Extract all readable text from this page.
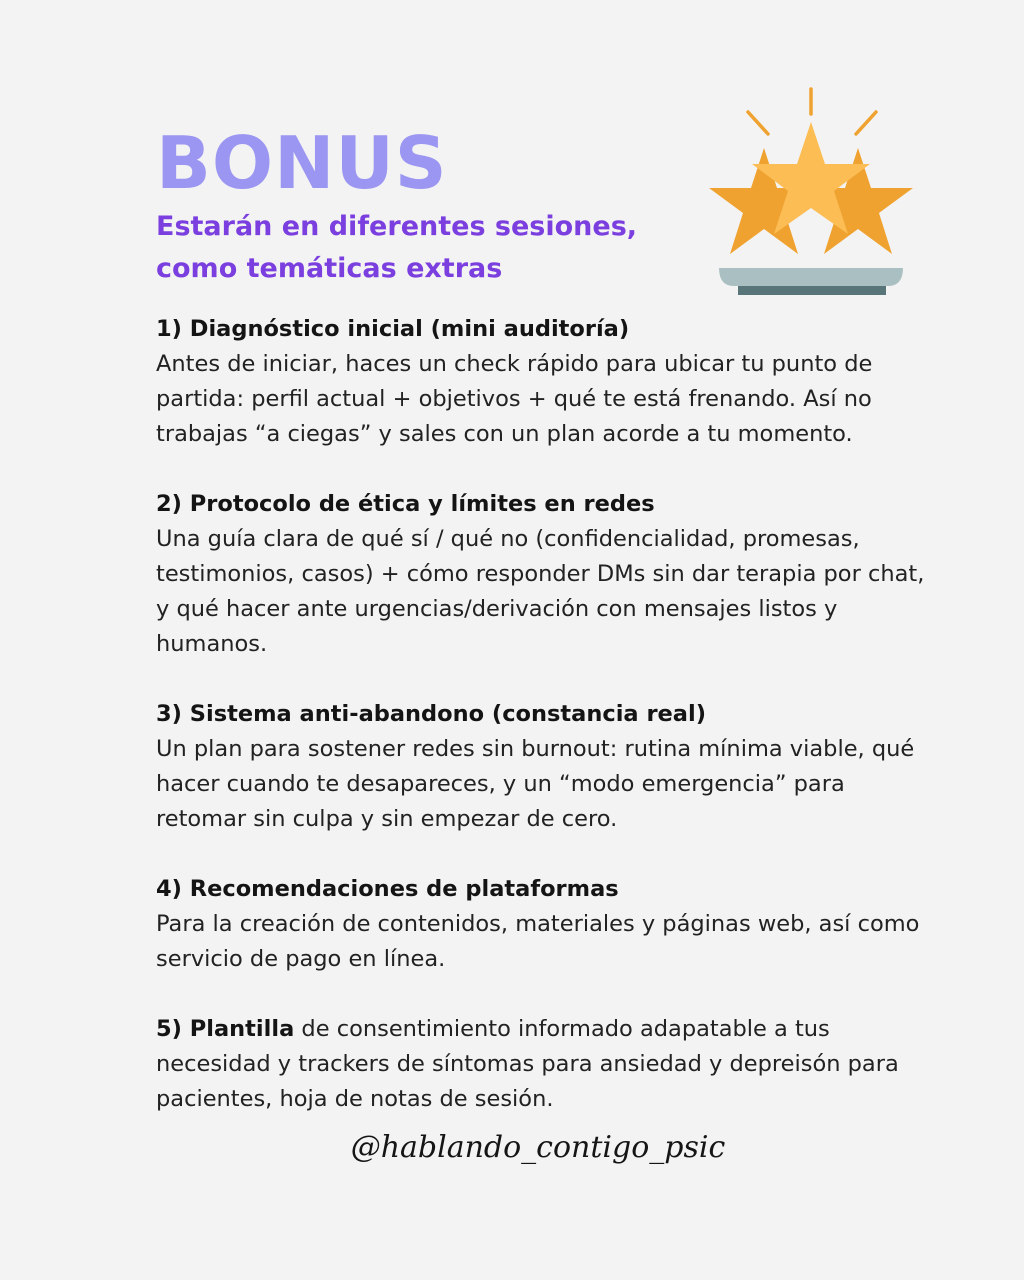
BONUS
Estarán en diferentes sesiones,
como temáticas extras
1) Diagnóstico inicial (mini auditoría)
Antes de iniciar, haces un check rápido para ubicar tu punto de partida: perfil actual + objetivos + qué te está frenando. Así no trabajas “a ciegas” y sales con un plan acorde a tu momento.
2) Protocolo de ética y límites en redes
Una guía clara de qué sí / qué no (confidencialidad, promesas, testimonios, casos) + cómo responder DMs sin dar terapia por chat, y qué hacer ante urgencias/derivación con mensajes listos y humanos.
3) Sistema anti-abandono (constancia real)
Un plan para sostener redes sin burnout: rutina mínima viable, qué hacer cuando te desapareces, y un “modo emergencia” para retomar sin culpa y sin empezar de cero.
4) Recomendaciones de plataformas
Para la creación de contenidos, materiales y páginas web, así como servicio de pago en línea.
5) Plantilla de consentimiento informado adapatable a tus necesidad y trackers de síntomas para ansiedad y depreisón para pacientes, hoja de notas de sesión.
@hablando_contigo_psic
